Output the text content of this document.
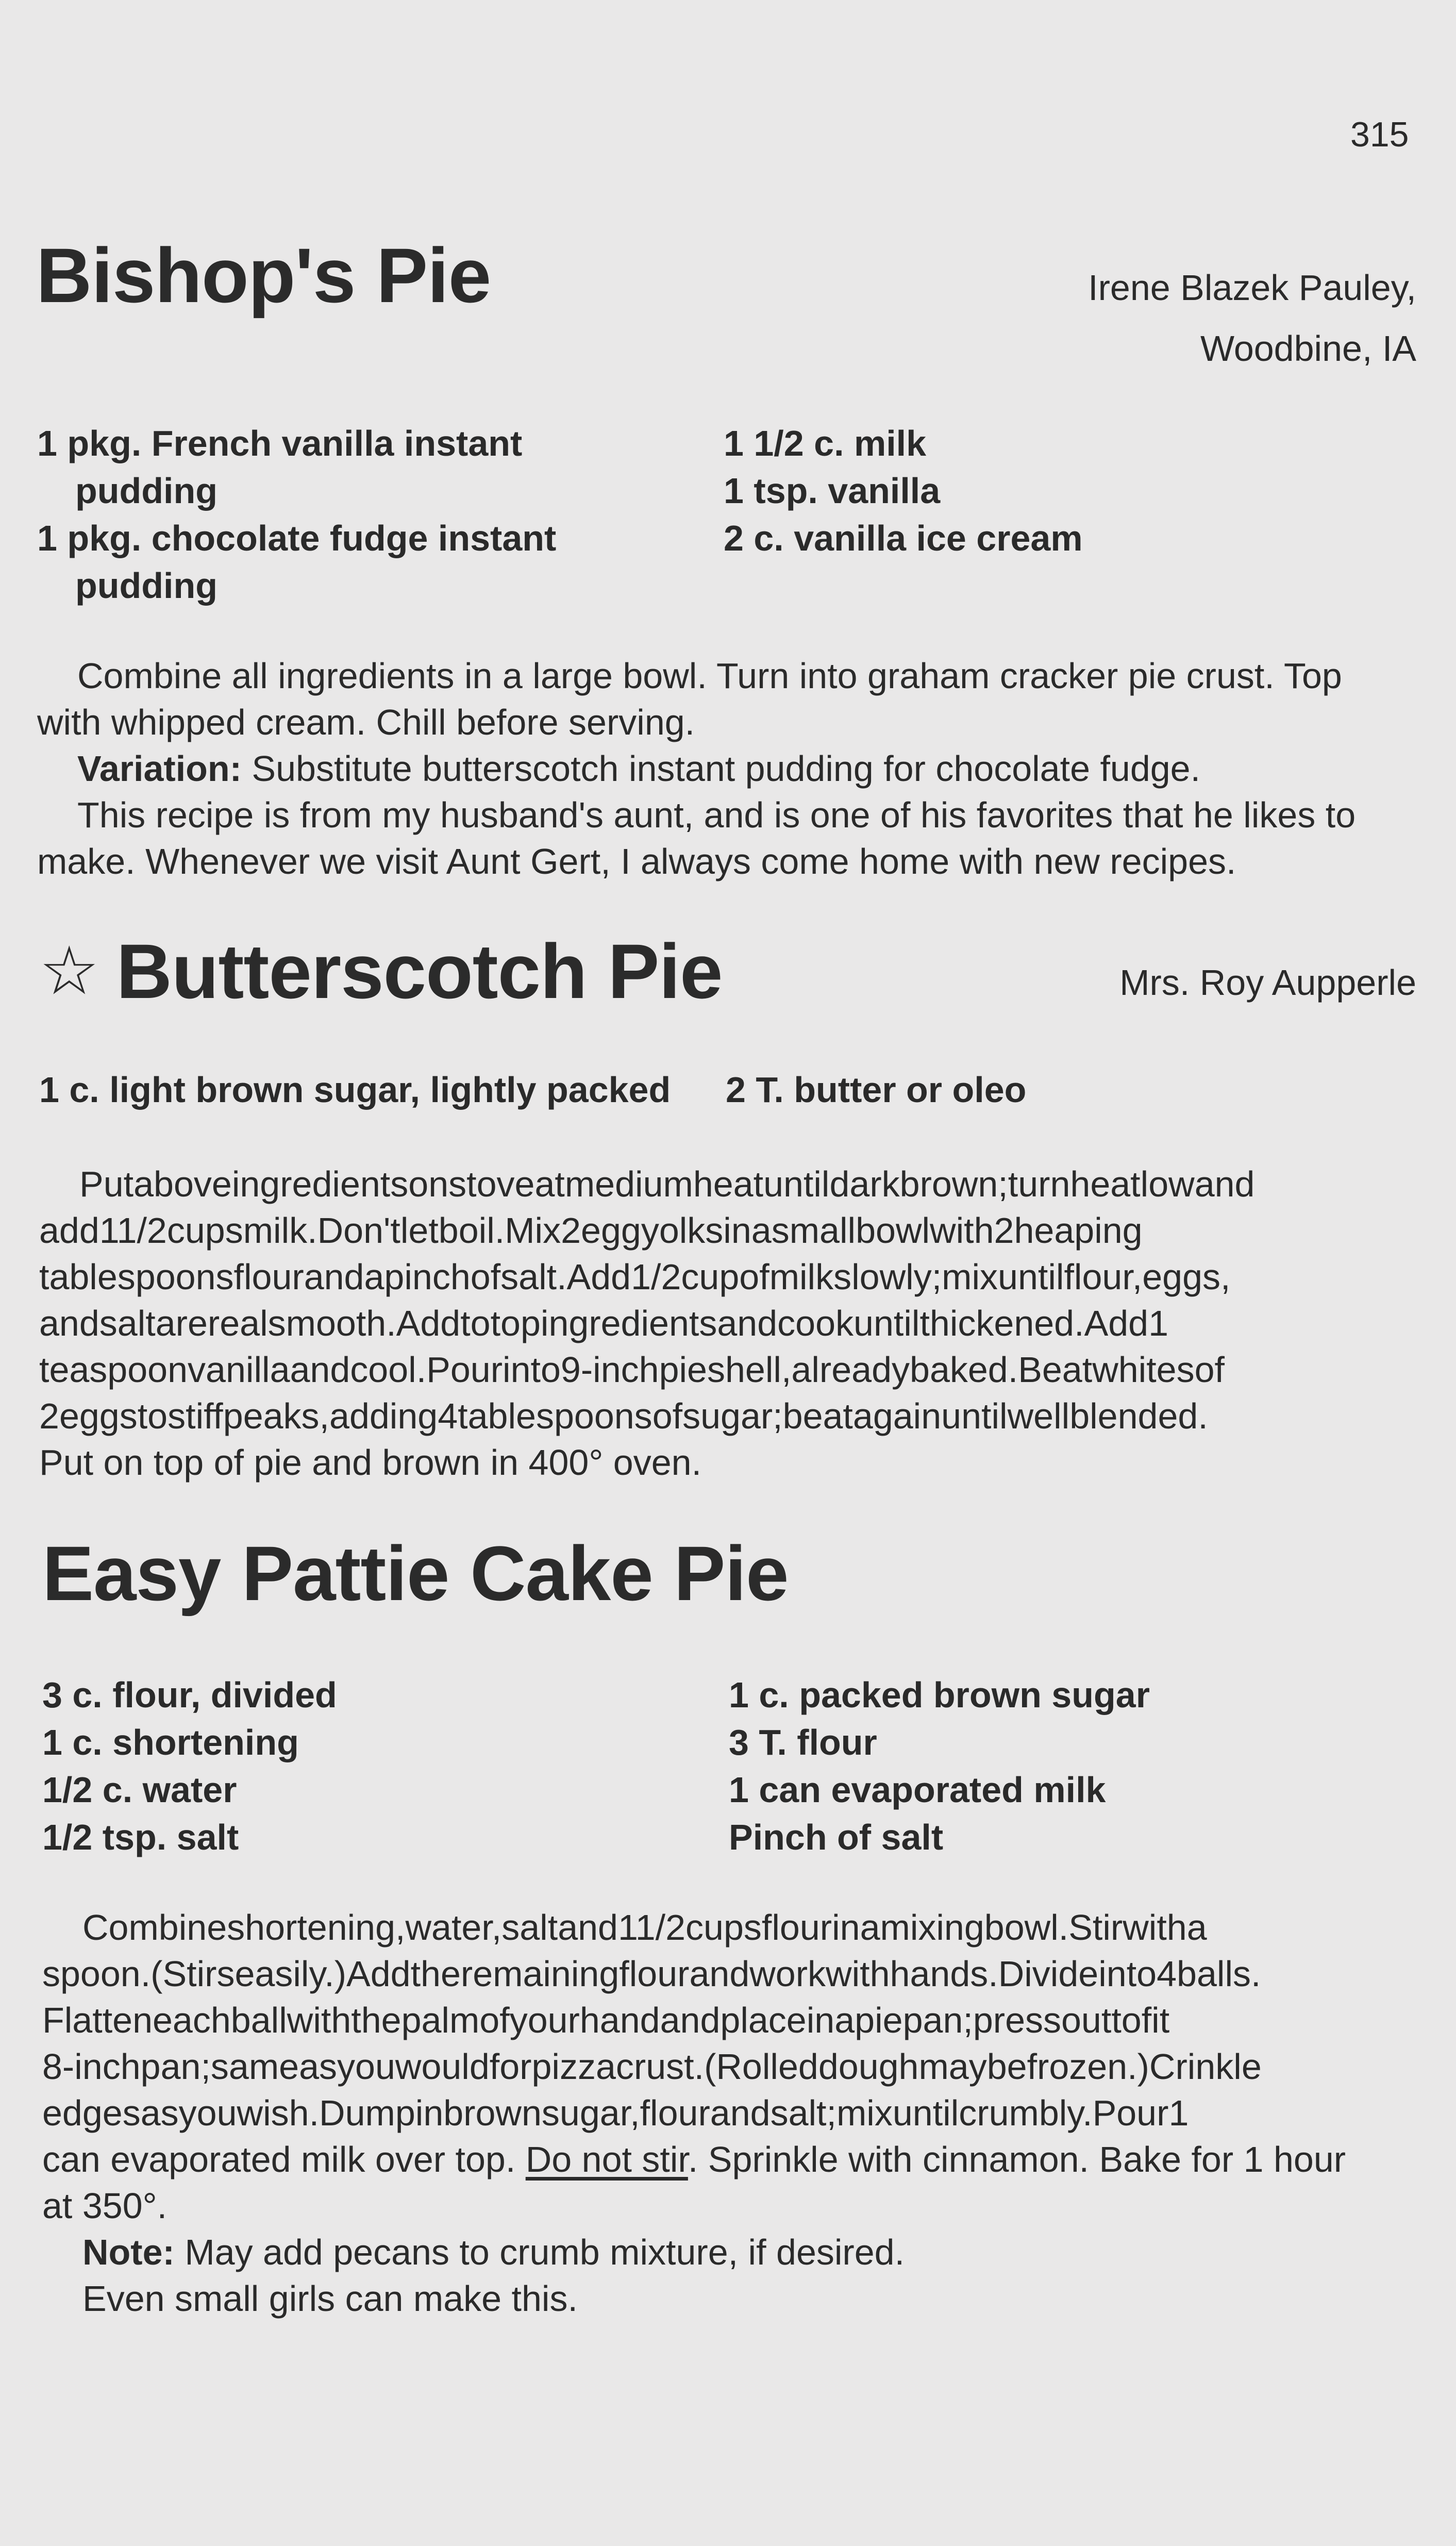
315
Bishop's Pie	Irene Blazek Pauley,
Woodbine, IA
1 pkg. French vanilla instant
pudding
1 pkg. chocolate fudge instant
pudding
1 1/2 c. milk
1 tsp. vanilla
2 c. vanilla ice cream
Combine all ingredients in a large bowl. Turn into graham cracker pie crust. Top
with whipped cream. Chill before serving.
Variation: Substitute butterscotch instant pudding for chocolate fudge.
This recipe is from my husband's aunt, and is one of his favorites that he likes to
make. Whenever we visit Aunt Gert, I always come home with new recipes.
☆ Butterscotch Pie	Mrs. Roy Aupperle
1 c. light brown sugar, lightly packed 2 T. butter or oleo
Putaboveingredientsonstoveatmediumheatuntildarkbrown;turnheatlowand
add11/2cupsmilk.Don'tletboil.Mix2eggyolksinasmallbowlwith2heaping
tablespoonsflourandapinchofsalt.Add1/2cupofmilkslowly;mixuntilflour,eggs,
andsaltarerealsmooth.Addtotopingredientsandcookuntilthickened.Add1
teaspoonvanillaandcool.Pourinto9-inchpieshell,alreadybaked.Beatwhitesof
2eggstostiffpeaks,adding4tablespoonsofsugar;beatagainuntilwellblended.
Put on top of pie and brown in 400° oven.
Easy Pattie Cake Pie
3 c. flour, divided
1 c. shortening
1/2 c. water
1/2 tsp. salt
1 c. packed brown sugar
3 T. flour
1 can evaporated milk
Pinch of salt
Combineshortening,water,saltand11/2cupsflourinamixingbowl.Stirwitha
spoon.(Stirseasily.)Addtheremainingflourandworkwithhands.Divideinto4balls.
Flatteneachballwiththepalmofyourhandandplaceinapiepan;pressouttofit
8-inchpan;sameasyouwouldforpizzacrust.(Rolleddoughmaybefrozen.)Crinkle
edgesasyouwish.Dumpinbrownsugar,flourandsalt;mixuntilcrumbly.Pour1
can evaporated milk over top. Do not stir. Sprinkle with cinnamon. Bake for 1 hour
at 350°.
Note: May add pecans to crumb mixture, if desired.
Even small girls can make this.
